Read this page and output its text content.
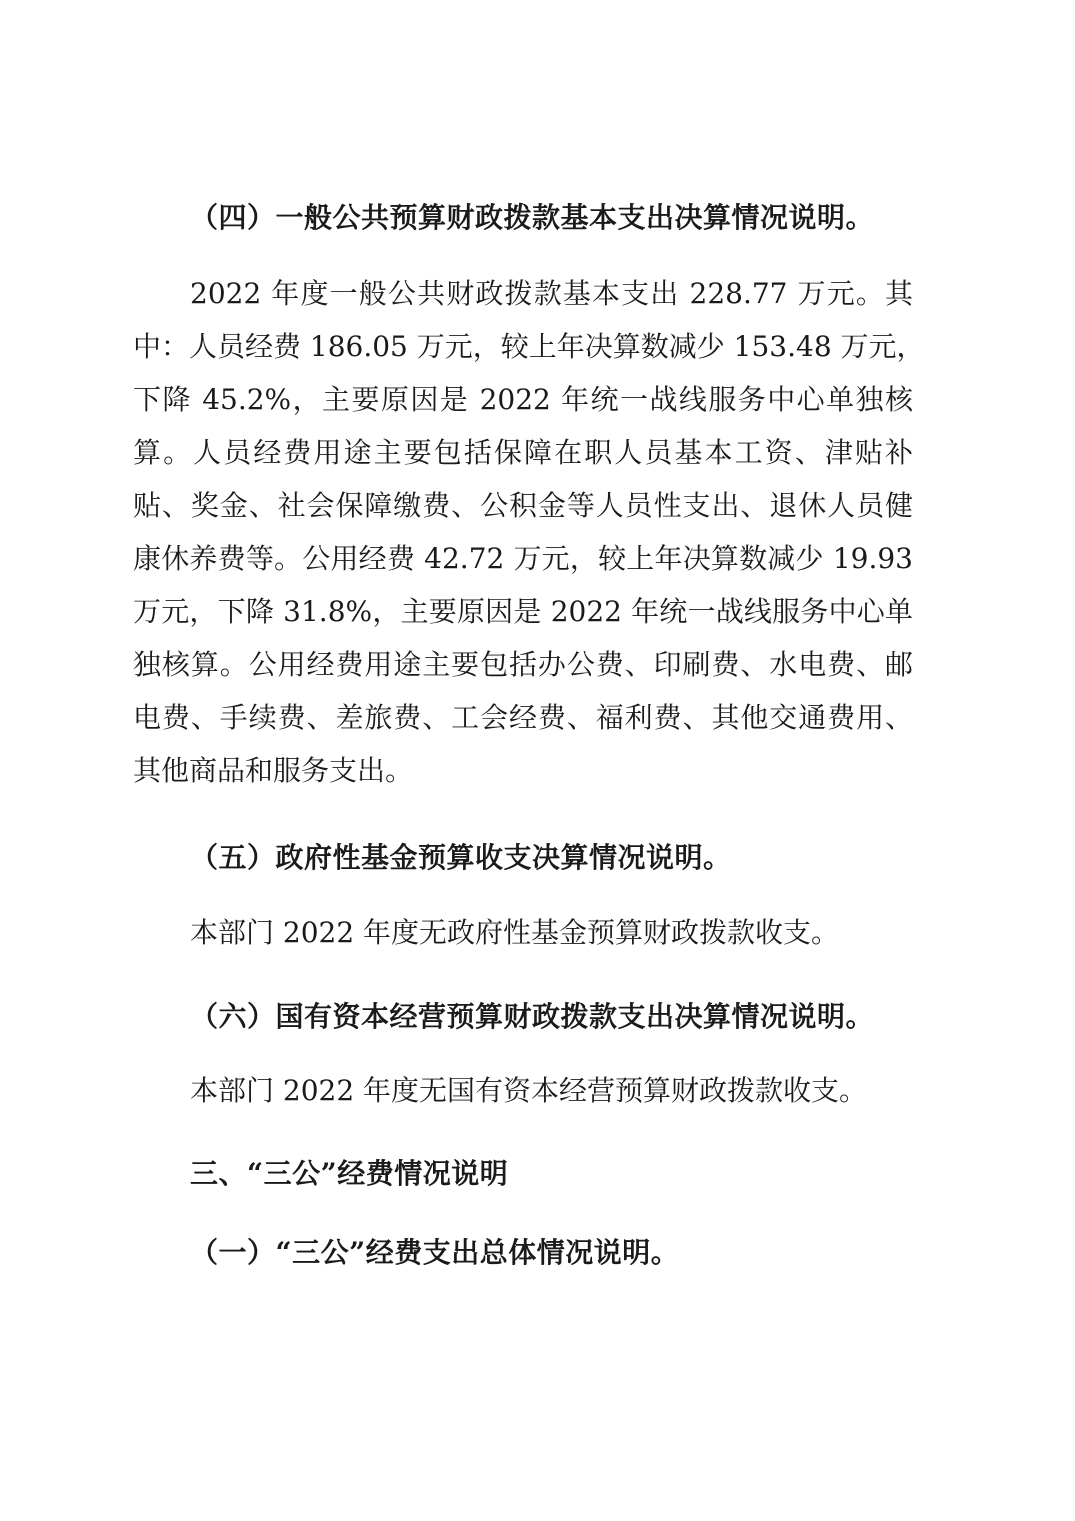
（四）一般公共预算财政拨款基本支出决算情况说明。
2022 年度一般公共财政拨款基本支出 228.77 万元。其
中：人员经费 186.05 万元，较上年决算数减少 153.48 万元，
下降 45.2%，主要原因是 2022 年统一战线服务中心单独核
算。人员经费用途主要包括保障在职人员基本工资、津贴补
贴、奖金、社会保障缴费、公积金等人员性支出、退休人员健
康休养费等。公用经费 42.72 万元，较上年决算数减少 19.93
万元，下降 31.8%，主要原因是 2022 年统一战线服务中心单
独核算。公用经费用途主要包括办公费、印刷费、水电费、邮
电费、手续费、差旅费、工会经费、福利费、其他交通费用、
其他商品和服务支出。
（五）政府性基金预算收支决算情况说明。
本部门 2022 年度无政府性基金预算财政拨款收支。
（六）国有资本经营预算财政拨款支出决算情况说明。
本部门 2022 年度无国有资本经营预算财政拨款收支。
三、“三公”经费情况说明
（一）“三公”经费支出总体情况说明。
